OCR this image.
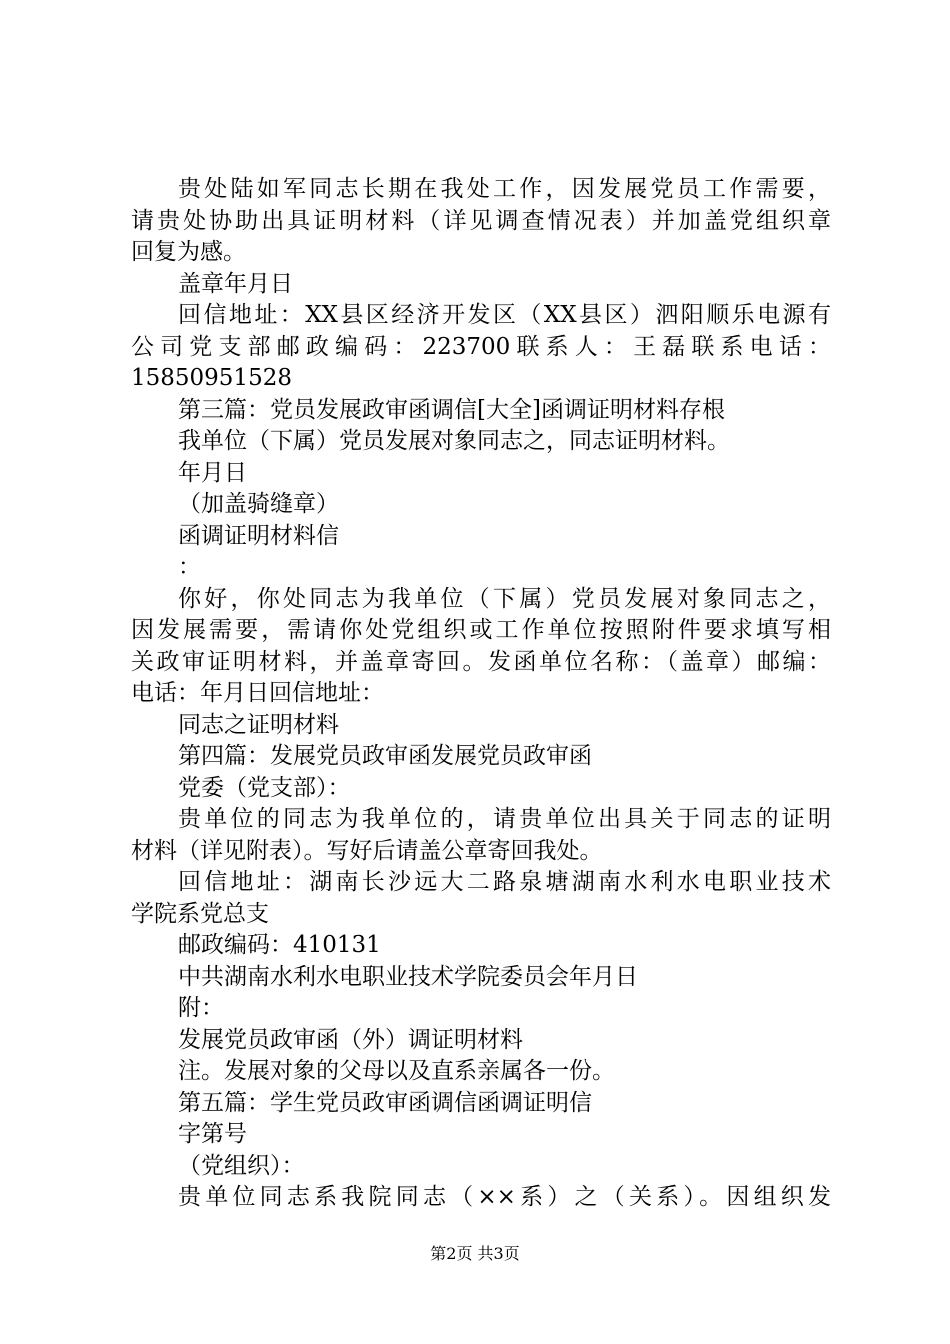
贵处陆如军同志长期在我处工作，因发展党员工作需要，
请贵处协助出具证明材料（详见调查情况表）并加盖党组织章
回复为感。
盖章年月日
回信地址：XX县区经济开发区（XX县区）泗阳顺乐电源有
公司党支部邮政编码：223700联系人：王磊联系电话：
15850951528
第三篇：党员发展政审函调信[大全]函调证明材料存根
我单位（下属）党员发展对象同志之，同志证明材料。
年月日
（加盖骑缝章）
函调证明材料信
：
你好，你处同志为我单位（下属）党员发展对象同志之，
因发展需要，需请你处党组织或工作单位按照附件要求填写相
关政审证明材料，并盖章寄回。发函单位名称：（盖章）邮编：
电话：年月日回信地址：
同志之证明材料
第四篇：发展党员政审函发展党员政审函
党委（党支部）：
贵单位的同志为我单位的，请贵单位出具关于同志的证明
材料（详见附表）。写好后请盖公章寄回我处。
回信地址：湖南长沙远大二路泉塘湖南水利水电职业技术
学院系党总支
邮政编码：410131
中共湖南水利水电职业技术学院委员会年月日
附：
发展党员政审函（外）调证明材料
注。发展对象的父母以及直系亲属各一份。
第五篇：学生党员政审函调信函调证明信
字第号
（党组织）：
贵单位同志系我院同志（××系）之（关系）。因组织发
第2页 共3页
